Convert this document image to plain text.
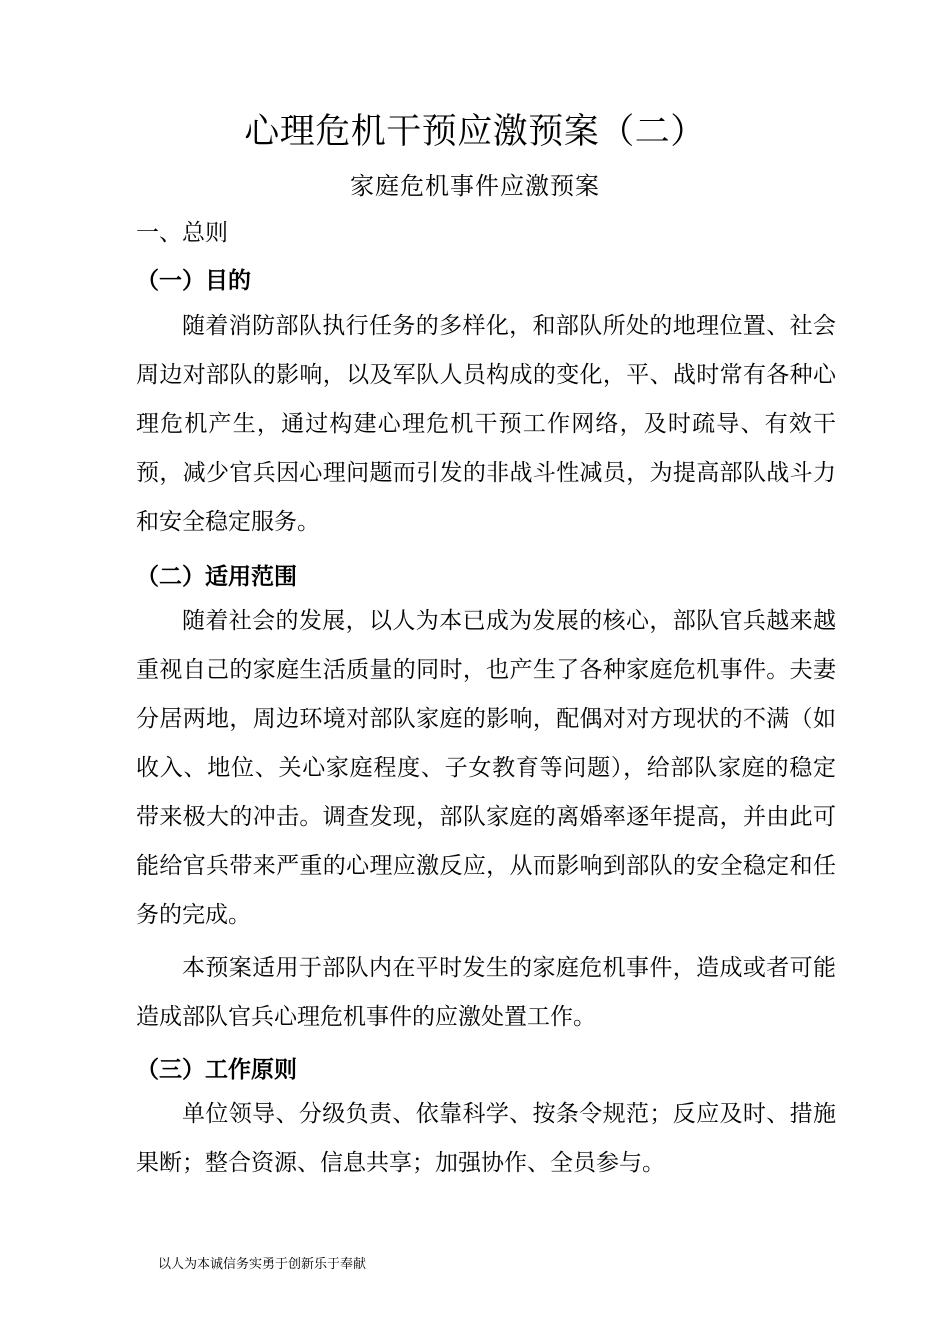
心理危机干预应激预案（二）
家庭危机事件应激预案
一、总则
（一）目的
随着消防部队执行任务的多样化，和部队所处的地理位置、社会周边对部队的影响，以及军队人员构成的变化，平、战时常有各种心理危机产生，通过构建心理危机干预工作网络，及时疏导、有效干预，减少官兵因心理问题而引发的非战斗性减员，为提高部队战斗力和安全稳定服务。
（二）适用范围
随着社会的发展，以人为本已成为发展的核心，部队官兵越来越重视自己的家庭生活质量的同时，也产生了各种家庭危机事件。夫妻分居两地，周边环境对部队家庭的影响，配偶对对方现状的不满（如收入、地位、关心家庭程度、子女教育等问题），给部队家庭的稳定带来极大的冲击。调查发现，部队家庭的离婚率逐年提高，并由此可能给官兵带来严重的心理应激反应，从而影响到部队的安全稳定和任务的完成。
本预案适用于部队内在平时发生的家庭危机事件，造成或者可能造成部队官兵心理危机事件的应激处置工作。
（三）工作原则
单位领导、分级负责、依靠科学、按条令规范；反应及时、措施果断；整合资源、信息共享；加强协作、全员参与。
以人为本诚信务实勇于创新乐于奉献
